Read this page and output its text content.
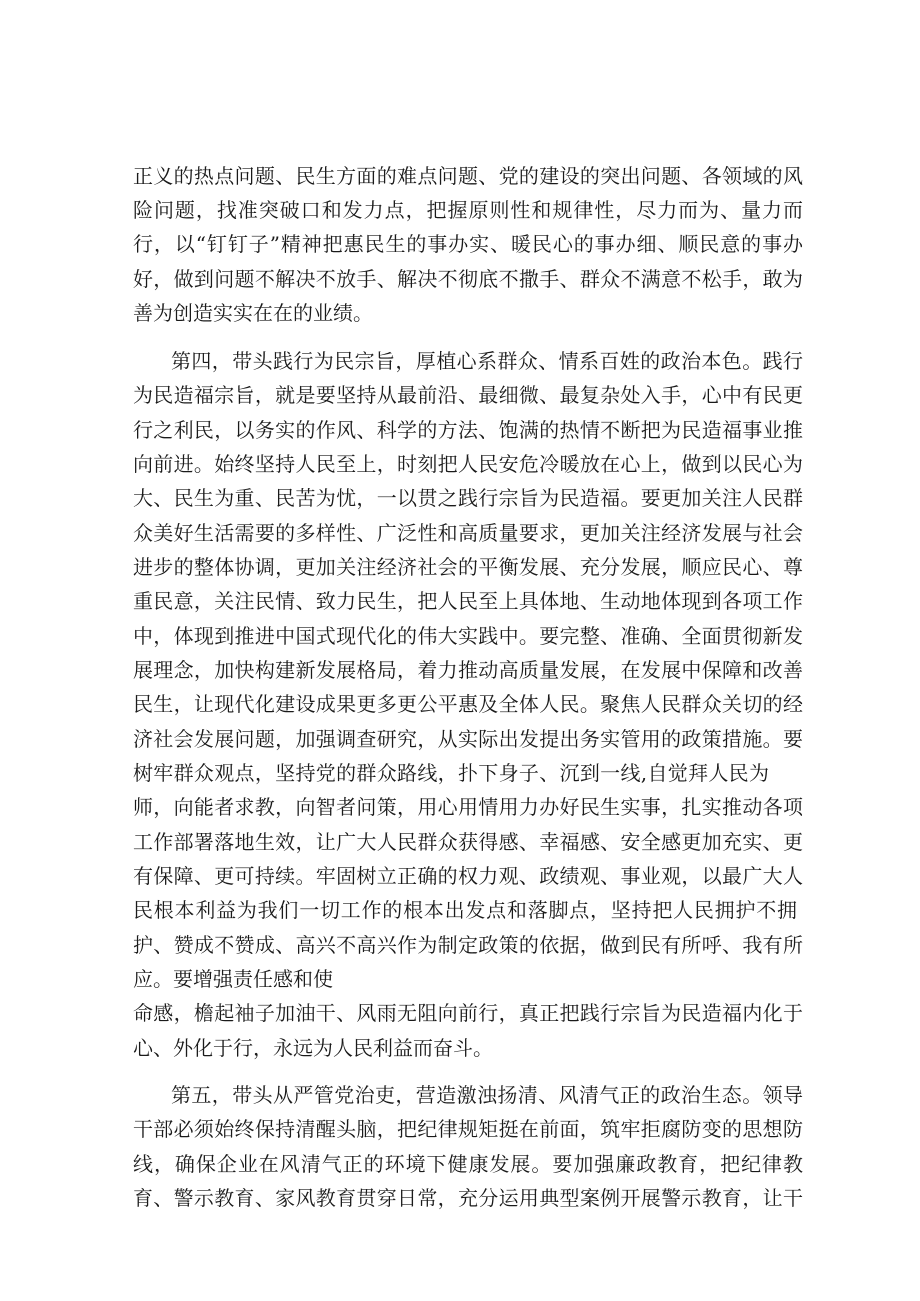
正义的热点问题、民生方面的难点问题、党的建设的突出问题、各领域的风
险问题，找准突破口和发力点，把握原则性和规律性，尽力而为、量力而
行，以“钉钉子”精神把惠民生的事办实、暖民心的事办细、顺民意的事办
好，做到问题不解决不放手、解决不彻底不撒手、群众不满意不松手，敢为
善为创造实实在在的业绩。
第四，带头践行为民宗旨，厚植心系群众、情系百姓的政治本色。践行
为民造福宗旨，就是要坚持从最前沿、最细微、最复杂处入手，心中有民更
行之利民，以务实的作风、科学的方法、饱满的热情不断把为民造福事业推
向前进。始终坚持人民至上，时刻把人民安危冷暖放在心上，做到以民心为
大、民生为重、民苦为忧，一以贯之践行宗旨为民造福。要更加关注人民群
众美好生活需要的多样性、广泛性和高质量要求，更加关注经济发展与社会
进步的整体协调，更加关注经济社会的平衡发展、充分发展，顺应民心、尊
重民意，关注民情、致力民生，把人民至上具体地、生动地体现到各项工作
中，体现到推进中国式现代化的伟大实践中。要完整、准确、全面贯彻新发
展理念，加快构建新发展格局，着力推动高质量发展，在发展中保障和改善
民生，让现代化建设成果更多更公平惠及全体人民。聚焦人民群众关切的经
济社会发展问题，加强调查研究，从实际出发提出务实管用的政策措施。要
树牢群众观点，坚持党的群众路线，扑下身子、沉到一线,自觉拜人民为
师，向能者求教，向智者问策，用心用情用力办好民生实事，扎实推动各项
工作部署落地生效，让广大人民群众获得感、幸福感、安全感更加充实、更
有保障、更可持续。牢固树立正确的权力观、政绩观、事业观，以最广大人
民根本利益为我们一切工作的根本出发点和落脚点，坚持把人民拥护不拥
护、赞成不赞成、高兴不高兴作为制定政策的依据，做到民有所呼、我有所
应。要增强责任感和使
命感，檐起袖子加油干、风雨无阻向前行，真正把践行宗旨为民造福内化于
心、外化于行，永远为人民利益而奋斗。
第五，带头从严管党治吏，营造激浊扬清、风清气正的政治生态。领导
干部必须始终保持清醒头脑，把纪律规矩挺在前面，筑牢拒腐防变的思想防
线，确保企业在风清气正的环境下健康发展。要加强廉政教育，把纪律教
育、警示教育、家风教育贯穿日常，充分运用典型案例开展警示教育，让干
